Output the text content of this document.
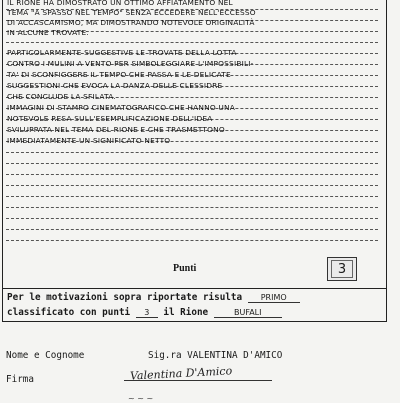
IL RIONE HA DIMOSTRATO UN OTTIMO AFFIATAMENTO NEL
TEMA "A SPASSO NEL TEMPO" SENZA ECCEDERE NELL'ECCESSO
DI ACCASCAMISMO, MA DIMOSTRANDO NOTEVOLE ORIGINALITÀ
IN ALCUNE TROVATE.
PARTICOLARMENTE SUGGESTIVE LE TROVATE DELLA LOTTA
CONTRO I MULINI A VENTO PER SIMBOLEGGIARE L'IMPOSSIBILI-
TA' DI SCONFIGGERE IL TEMPO CHE PASSA E LE DELICATE
SUGGESTIONI CHE EVOCA LA DANZA DELLE CLESSIDRE
CHE CONCLUDE LA SFILATA.
IMMAGINI DI STAMPO CINEMATOGRAFICO CHE HANNO UNA
NOTEVOLE RESA SULL'ESEMPLIFICAZIONE DELL'IDEA
SVILUPPATA NEL TEMA DEL RIONE E CHE TRASMETTONO
IMMEDIATAMENTE UN SIGNIFICATO NETTO
Punti	3
Per le motivazioni sopra riportate risulta PRIMO
classificato con punti 3 il Rione	BUFALI
Nome e Cognome	Sig.ra VALENTINA D'AMICO
Firma	Valentina D'Amico
~ ~ ~
